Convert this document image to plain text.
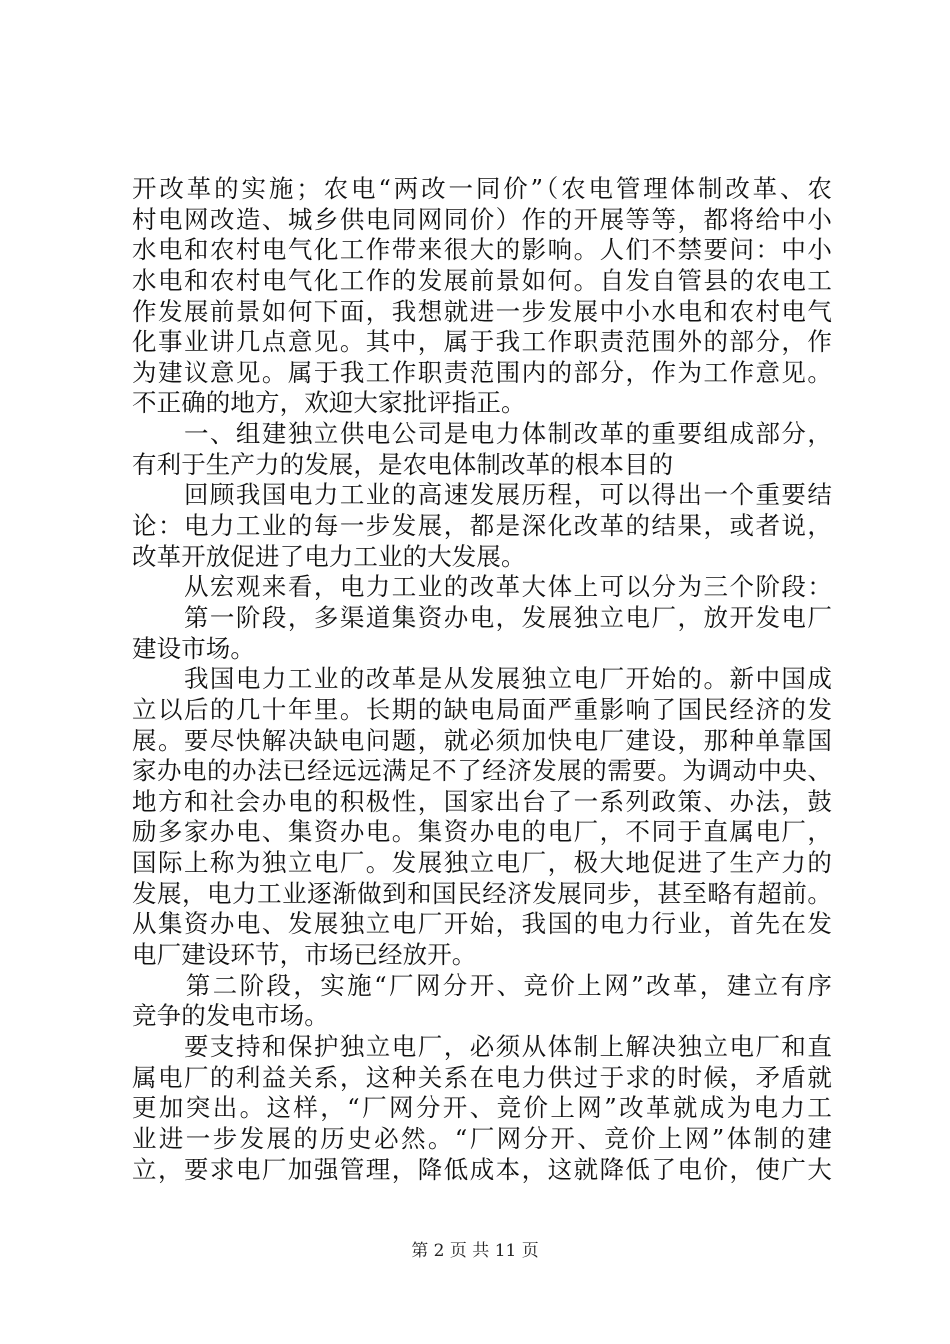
开改革的实施；农电“两改一同价”（农电管理体制改革、农
村电网改造、城乡供电同网同价）作的开展等等，都将给中小
水电和农村电气化工作带来很大的影响。人们不禁要问：中小
水电和农村电气化工作的发展前景如何。自发自管县的农电工
作发展前景如何下面，我想就进一步发展中小水电和农村电气
化事业讲几点意见。其中，属于我工作职责范围外的部分，作
为建议意见。属于我工作职责范围内的部分，作为工作意见。
不正确的地方，欢迎大家批评指正。
　　一、组建独立供电公司是电力体制改革的重要组成部分，
有利于生产力的发展，是农电体制改革的根本目的
　　回顾我国电力工业的高速发展历程，可以得出一个重要结
论：电力工业的每一步发展，都是深化改革的结果，或者说，
改革开放促进了电力工业的大发展。
　　从宏观来看，电力工业的改革大体上可以分为三个阶段：
　　第一阶段，多渠道集资办电，发展独立电厂，放开发电厂
建设市场。
　　我国电力工业的改革是从发展独立电厂开始的。新中国成
立以后的几十年里。长期的缺电局面严重影响了国民经济的发
展。要尽快解决缺电问题，就必须加快电厂建设，那种单靠国
家办电的办法已经远远满足不了经济发展的需要。为调动中央、
地方和社会办电的积极性，国家出台了一系列政策、办法，鼓
励多家办电、集资办电。集资办电的电厂，不同于直属电厂，
国际上称为独立电厂。发展独立电厂，极大地促进了生产力的
发展，电力工业逐渐做到和国民经济发展同步，甚至略有超前。
从集资办电、发展独立电厂开始，我国的电力行业，首先在发
电厂建设环节，市场已经放开。
　　第二阶段，实施“厂网分开、竞价上网”改革，建立有序
竞争的发电市场。
　　要支持和保护独立电厂，必须从体制上解决独立电厂和直
属电厂的利益关系，这种关系在电力供过于求的时候，矛盾就
更加突出。这样，“厂网分开、竞价上网”改革就成为电力工
业进一步发展的历史必然。“厂网分开、竞价上网”体制的建
立，要求电厂加强管理，降低成本，这就降低了电价，使广大
第 2 页 共 11 页
